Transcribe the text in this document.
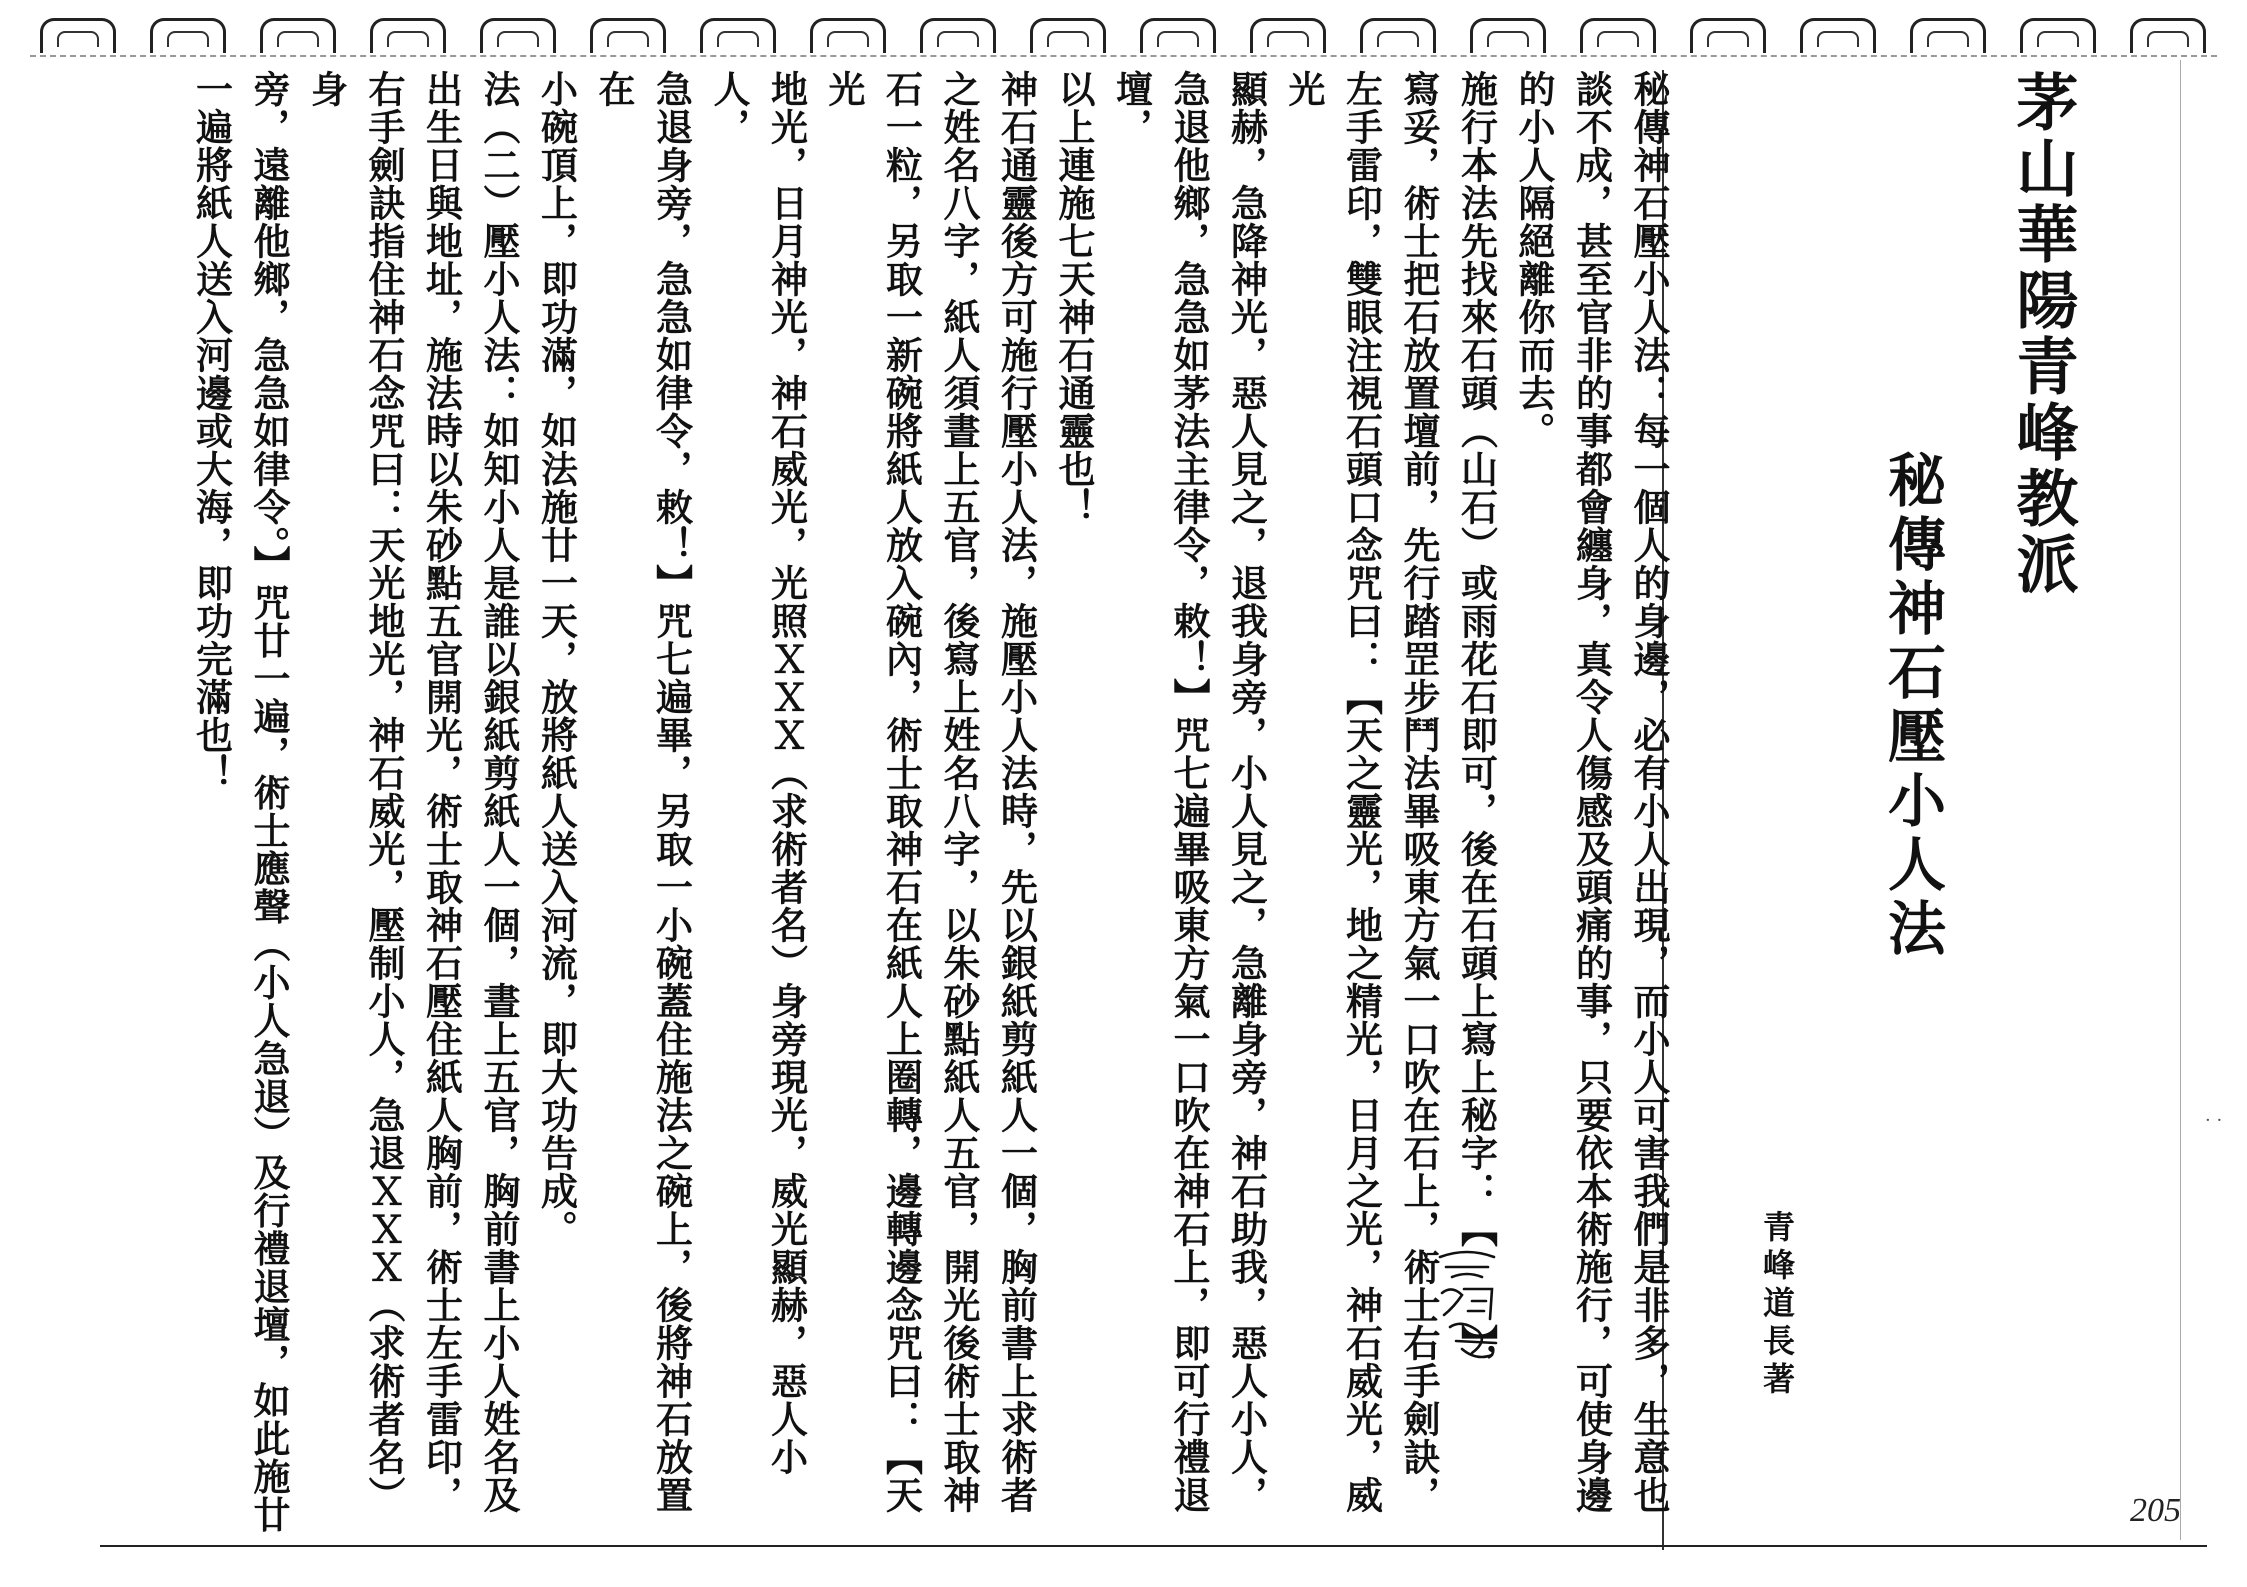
茅山華陽青峰教派
秘傳神石壓小人法
青峰道長著
秘傳神石壓小人法：每一個人的身邊，必有小人出現，而小人可害我們是非多，生意也
談不成，甚至官非的事都會纏身，真令人傷感及頭痛的事，只要依本術施行，可使身邊
的小人隔絕離你而去。
施行本法先找來石頭（山石）或雨花石即可，後在石頭上寫上秘字：【　　】，
寫妥，術士把石放置壇前，先行踏罡步鬥法畢吸東方氣一口吹在石上，術士右手劍訣，
左手雷印，雙眼注視石頭口念咒曰：【天之靈光，地之精光，日月之光，神石威光，威光
顯赫，急降神光，惡人見之，退我身旁，小人見之，急離身旁，神石助我，惡人小人，
急退他鄉，急急如茅法主律令，敕！】咒七遍畢吸東方氣一口吹在神石上，即可行禮退壇，
以上連施七天神石通靈也！
神石通靈後方可施行壓小人法，施壓小人法時，先以銀紙剪紙人一個，胸前書上求術者
之姓名八字，紙人須晝上五官，後寫上姓名八字，以朱砂點紙人五官，開光後術士取神
石一粒，另取一新碗將紙人放入碗內，術士取神石在紙人上圈轉，邊轉邊念咒曰：【天光
地光，日月神光，神石威光，光照ＸＸＸ（求術者名）身旁現光，威光顯赫，惡人小人，
急退身旁，急急如律令，敕！】咒七遍畢，另取一小碗蓋住施法之碗上，後將神石放置在
小碗頂上，即功滿，如法施廿一天，放將紙人送入河流，即大功告成。
法（二）壓小人法：如知小人是誰以銀紙剪紙人一個，晝上五官，胸前書上小人姓名及
出生日與地址，施法時以朱砂點五官開光，術士取神石壓住紙人胸前，術士左手雷印，
右手劍訣指住神石念咒曰：天光地光，神石威光，壓制小人，急退ＸＸＸ（求術者名）身
旁，遠離他鄉，急急如律令。】咒廿一遍，術士應聲（小人急退）及行禮退壇，如此施廿
一遍將紙人送入河邊或大海，即功完滿也！
205
· ·
